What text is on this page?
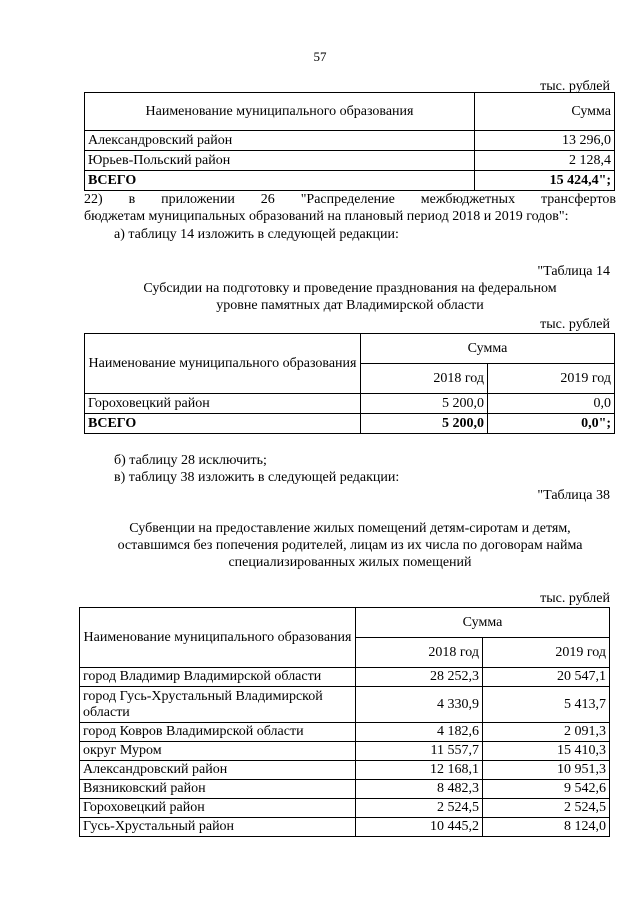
57
тыс. рублей
Наименование муниципального образования	Сумма
Александровский район	13 296,0
Юрьев-Польский район	2 128,4
ВСЕГО	15 424,4";
22) в приложении 26 "Распределение межбюджетных трансфертов
бюджетам муниципальных образований на плановый период 2018 и 2019 годов":
а) таблицу 14 изложить в следующей редакции:
"Таблица 14
Субсидии на подготовку и проведение празднования на федеральном
уровне памятных дат Владимирской области
тыс. рублей
Наименование муниципального образования	Сумма	
	2018 год	2019 год
Гороховецкий район	5 200,0	0,0
ВСЕГО	5 200,0	0,0";
б) таблицу 28 исключить;
в) таблицу 38 изложить в следующей редакции:
"Таблица 38
Субвенции на предоставление жилых помещений детям-сиротам и детям,
оставшимся без попечения родителей, лицам из их числа по договорам найма
специализированных жилых помещений
тыс. рублей
Наименование муниципального образования	Сумма	
	2018 год	2019 год
город Владимир Владимирской области	28 252,3	20 547,1
город Гусь-Хрустальный Владимирской области	4 330,9	5 413,7
город Ковров Владимирской области	4 182,6	2 091,3
округ Муром	11 557,7	15 410,3
Александровский район	12 168,1	10 951,3
Вязниковский район	8 482,3	9 542,6
Гороховецкий район	2 524,5	2 524,5
Гусь-Хрустальный район	10 445,2	8 124,0
